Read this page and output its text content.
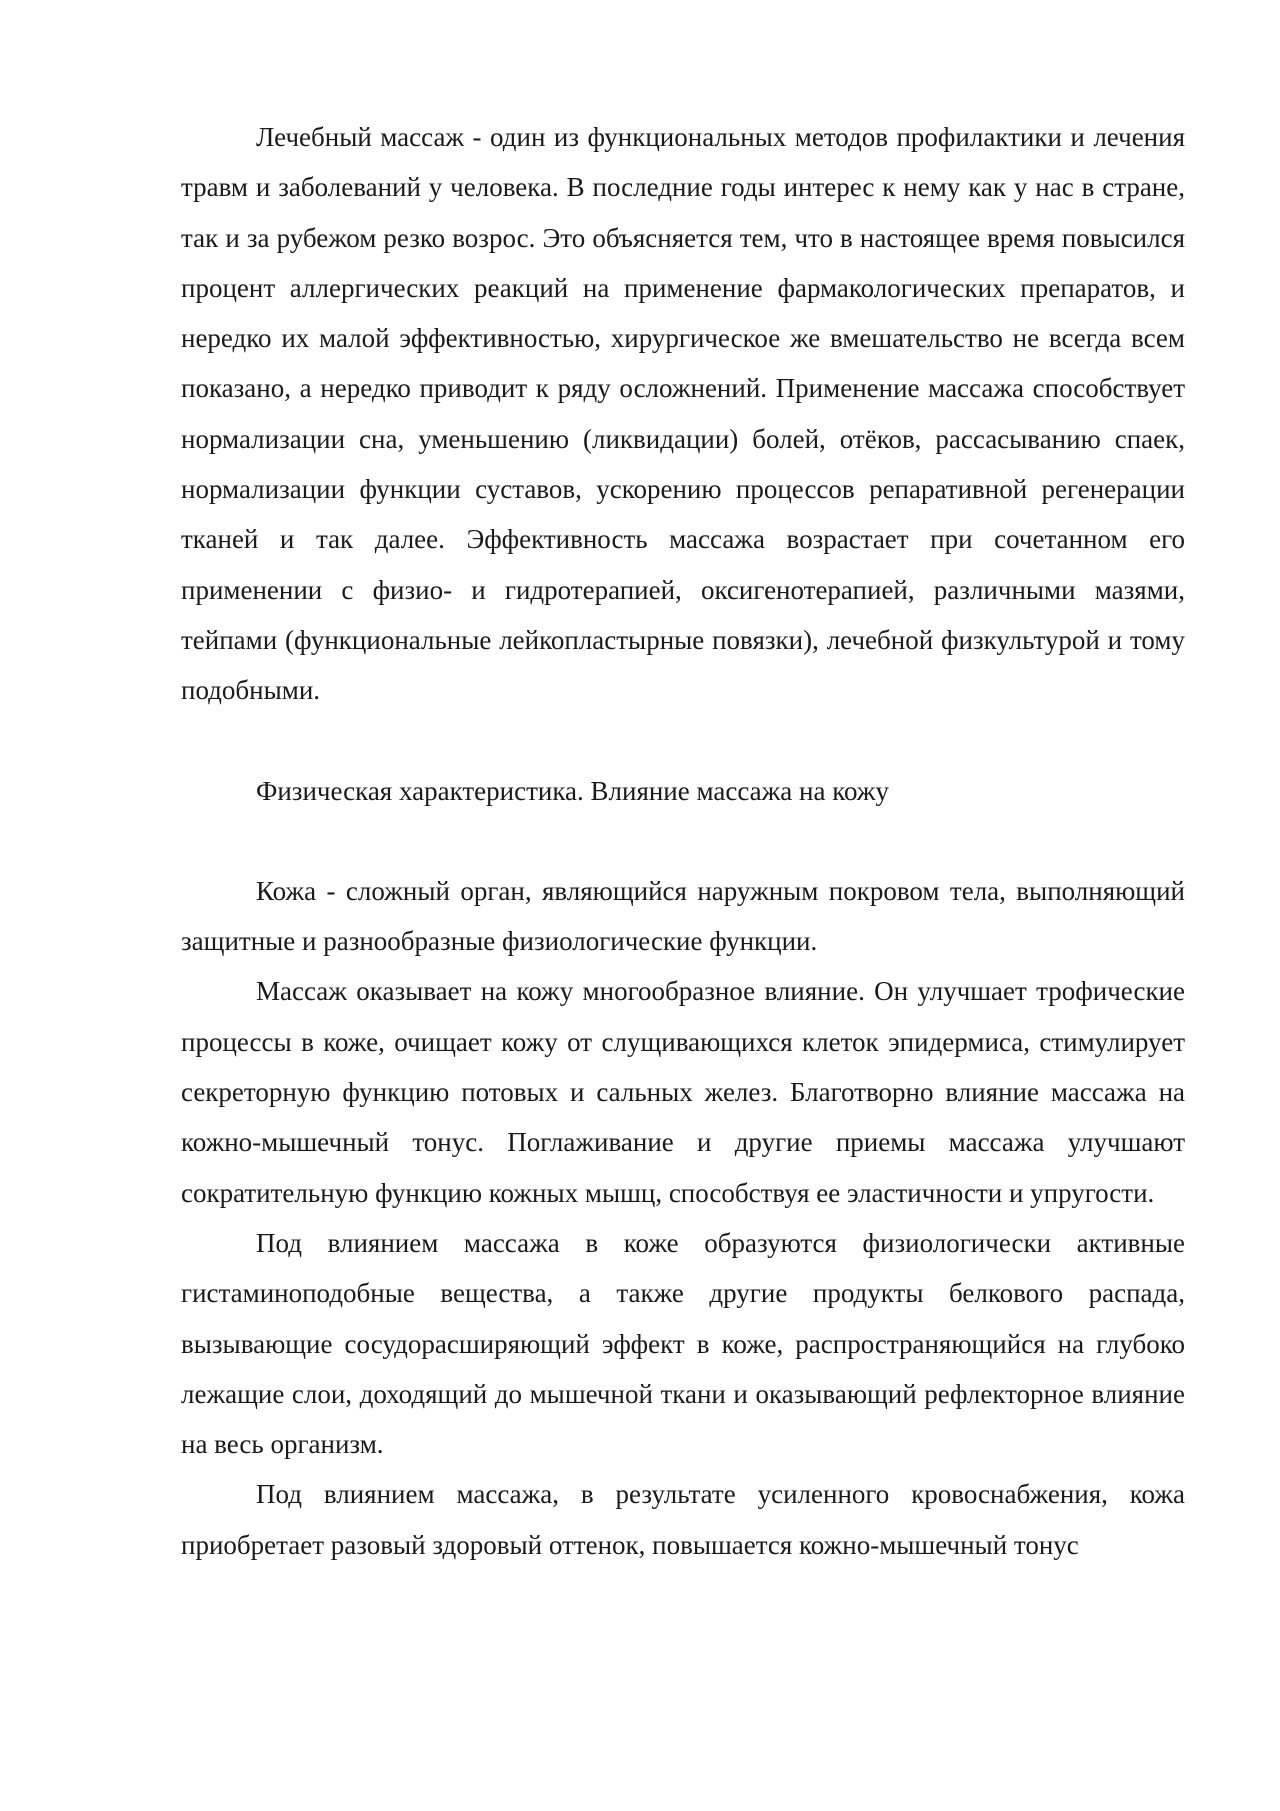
Лечебный массаж - один из функциональных методов профилактики и лечения травм и заболеваний у человека. В последние годы интерес к нему как у нас в стране, так и за рубежом резко возрос. Это объясняется тем, что в настоящее время повысился процент аллергических реакций на применение фармакологических препаратов, и нередко их малой эффективностью, хирургическое же вмешательство не всегда всем показано, а нередко приводит к ряду осложнений. Применение массажа способствует нормализации сна, уменьшению (ликвидации) болей, отёков, рассасыванию спаек, нормализации функции суставов, ускорению процессов репаративной регенерации тканей и так далее. Эффективность массажа возрастает при сочетанном его применении с физио- и гидротерапией, оксигенотерапией, различными мазями, тейпами (функциональные лейкопластырные повязки), лечебной физкультурой и тому подобными.

Физическая характеристика. Влияние массажа на кожу

Кожа - сложный орган, являющийся наружным покровом тела, выполняющий защитные и разнообразные физиологические функции.

Массаж оказывает на кожу многообразное влияние. Он улучшает трофические процессы в коже, очищает кожу от слущивающихся клеток эпидермиса, стимулирует секреторную функцию потовых и сальных желез. Благотворно влияние массажа на кожно-мышечный тонус. Поглаживание и другие приемы массажа улучшают сократительную функцию кожных мышц, способствуя ее эластичности и упругости.

Под влиянием массажа в коже образуются физиологически активные гистаминоподобные вещества, а также другие продукты белкового распада, вызывающие сосудорасширяющий эффект в коже, распространяющийся на глубоко лежащие слои, доходящий до мышечной ткани и оказывающий рефлекторное влияние на весь организм.

Под влиянием массажа, в результате усиленного кровоснабжения, кожа приобретает разовый здоровый оттенок, повышается кожно-мышечный тонус
